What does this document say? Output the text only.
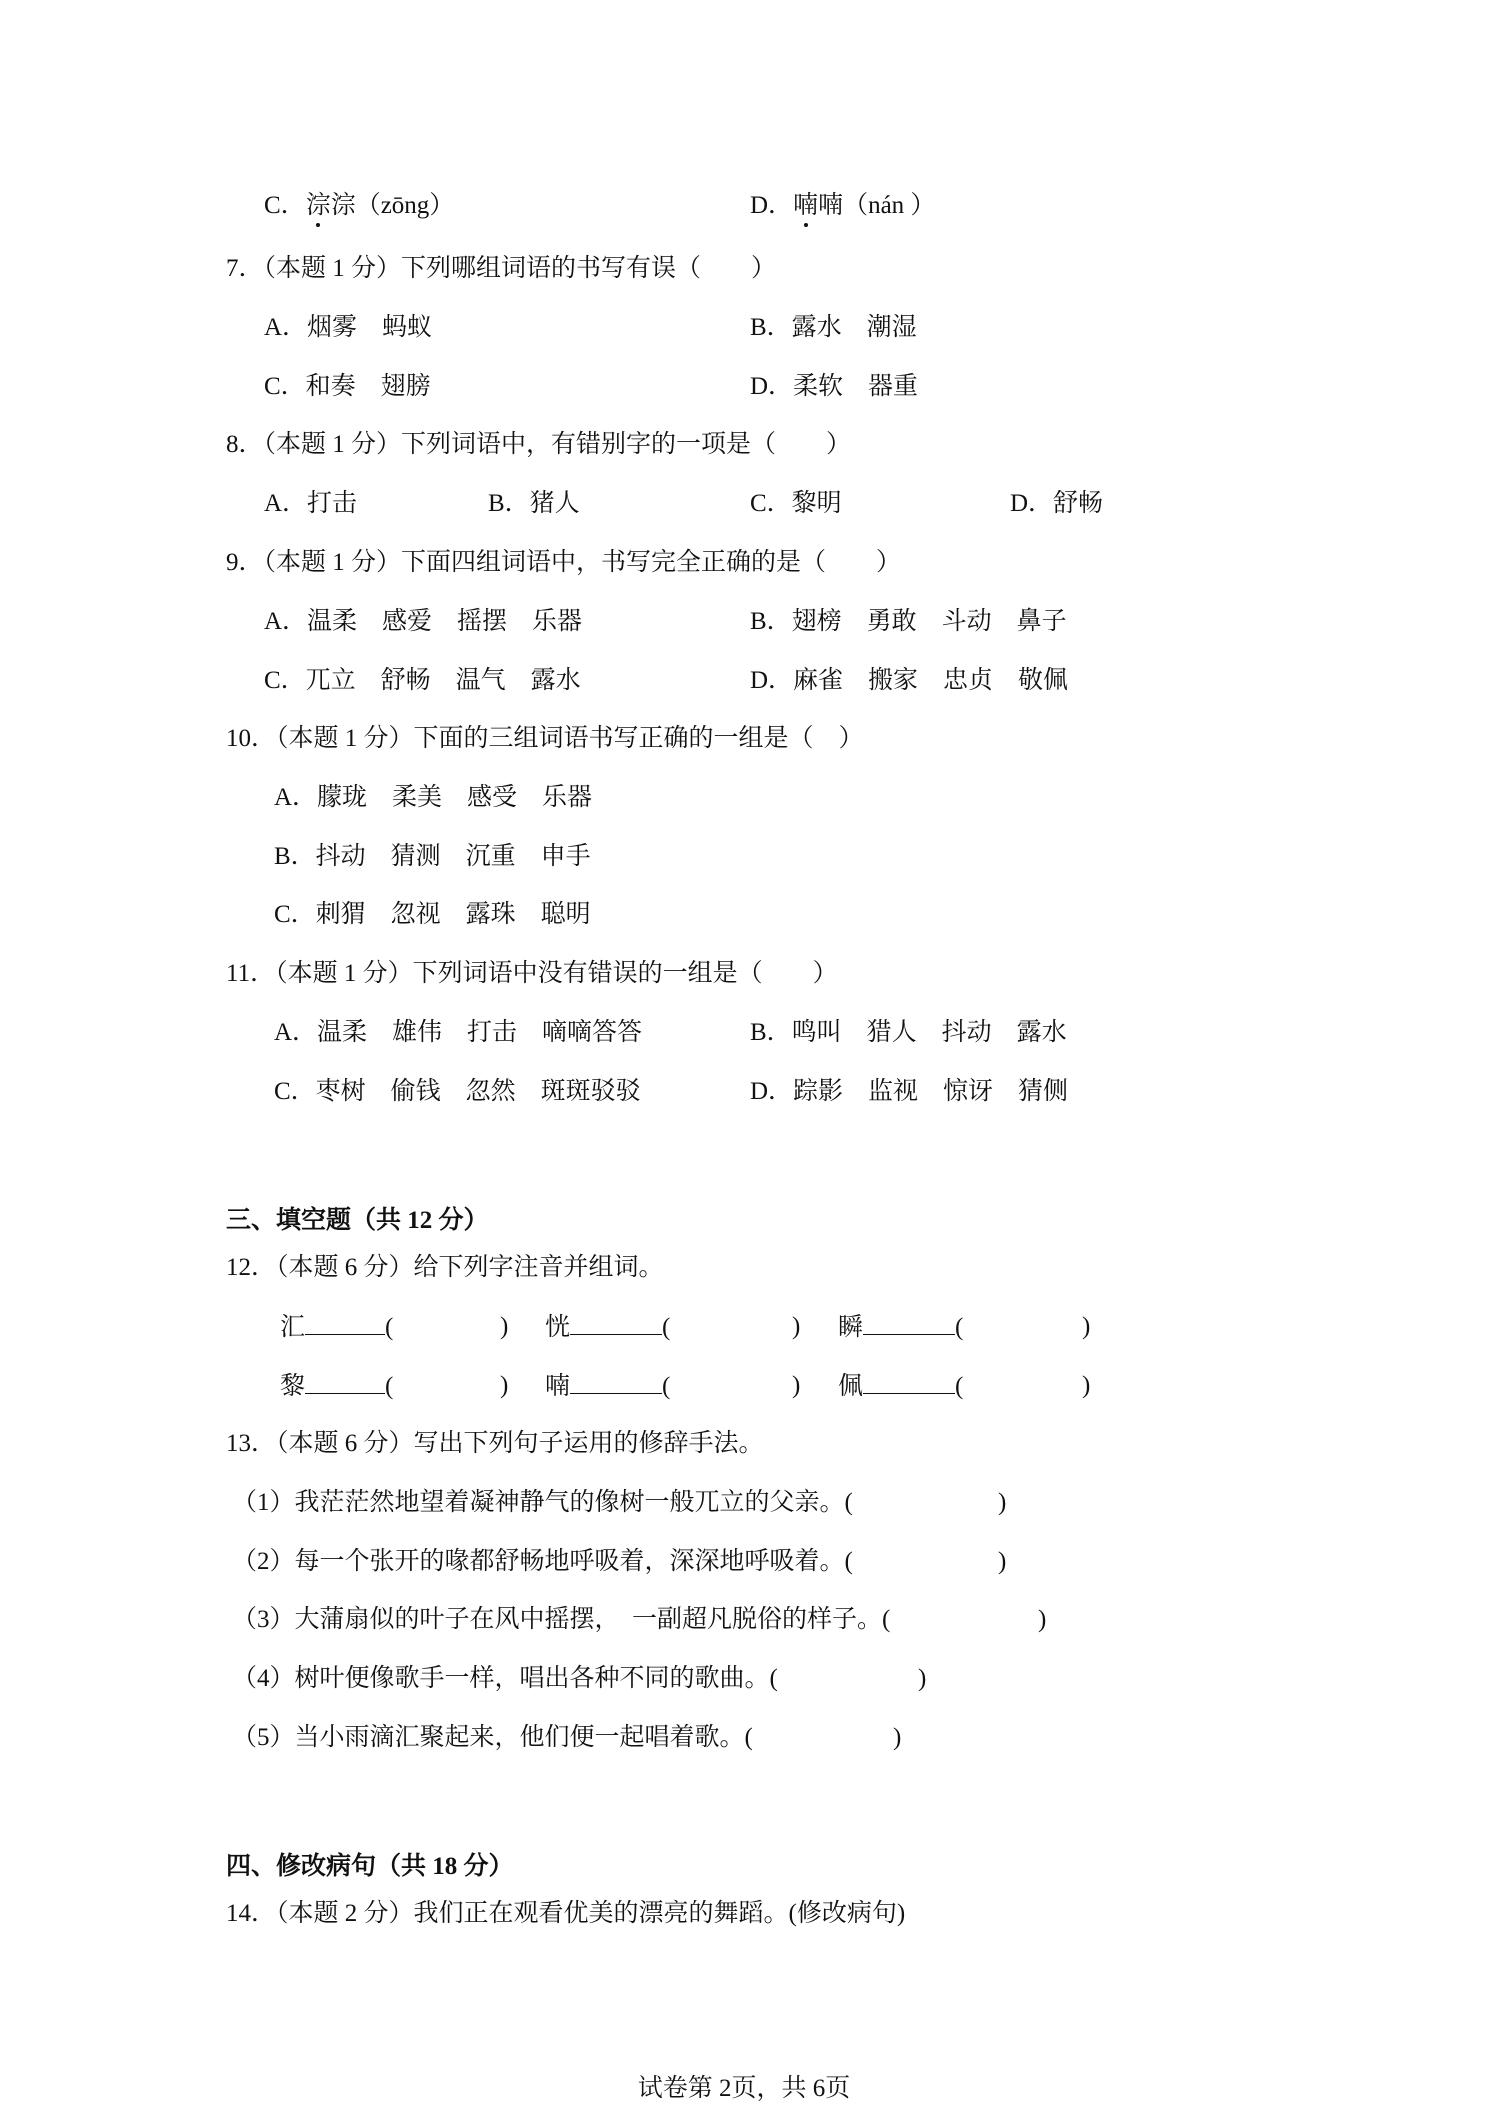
C．淙淙（zōng）	D．喃喃（nán ）
7．（本题 1 分）下列哪组词语的书写有误（　　）
A．烟雾　蚂蚁	B．露水　潮湿
C．和奏　翅膀	D．柔软　器重
8．（本题 1 分）下列词语中，有错别字的一项是（　　）
A．打击	B．猪人	C．黎明	D．舒畅
9．（本题 1 分）下面四组词语中，书写完全正确的是（　　）
A．温柔　感爱　摇摆　乐器	B．翅榜　勇敢　斗动　鼻子
C．兀立　舒畅　温气　露水	D．麻雀　搬家　忠贞　敬佩
10．（本题 1 分）下面的三组词语书写正确的一组是（　）
A．朦珑　柔美　感受　乐器
B．抖动　猜测　沉重　申手
C．刺猬　忽视　露珠　聪明
11．（本题 1 分）下列词语中没有错误的一组是（　　）
A．温柔　雄伟　打击　嘀嘀答答	B．鸣叫　猎人　抖动　露水
C．枣树　偷钱　忽然　斑斑驳驳	D．踪影　监视　惊讶　猜侧
三、填空题（共 12 分）
12．（本题 6 分）给下列字注音并组词。
汇	(	) 恍	(	) 瞬	(	)
黎	(	) 喃	(	) 佩	(	)
13．（本题 6 分）写出下列句子运用的修辞手法。
（1）我茫茫然地望着凝神静气的像树一般兀立的父亲。(	)
（2）每一个张开的喙都舒畅地呼吸着，深深地呼吸着。(	)
（3）大蒲扇似的叶子在风中摇摆，　一副超凡脱俗的样子。(	)
（4）树叶便像歌手一样，唱出各种不同的歌曲。(	)
（5）当小雨滴汇聚起来，他们便一起唱着歌。(	)
四、修改病句（共 18 分）
14．（本题 2 分）我们正在观看优美的漂亮的舞蹈。(修改病句)
试卷第 2页，共 6页
